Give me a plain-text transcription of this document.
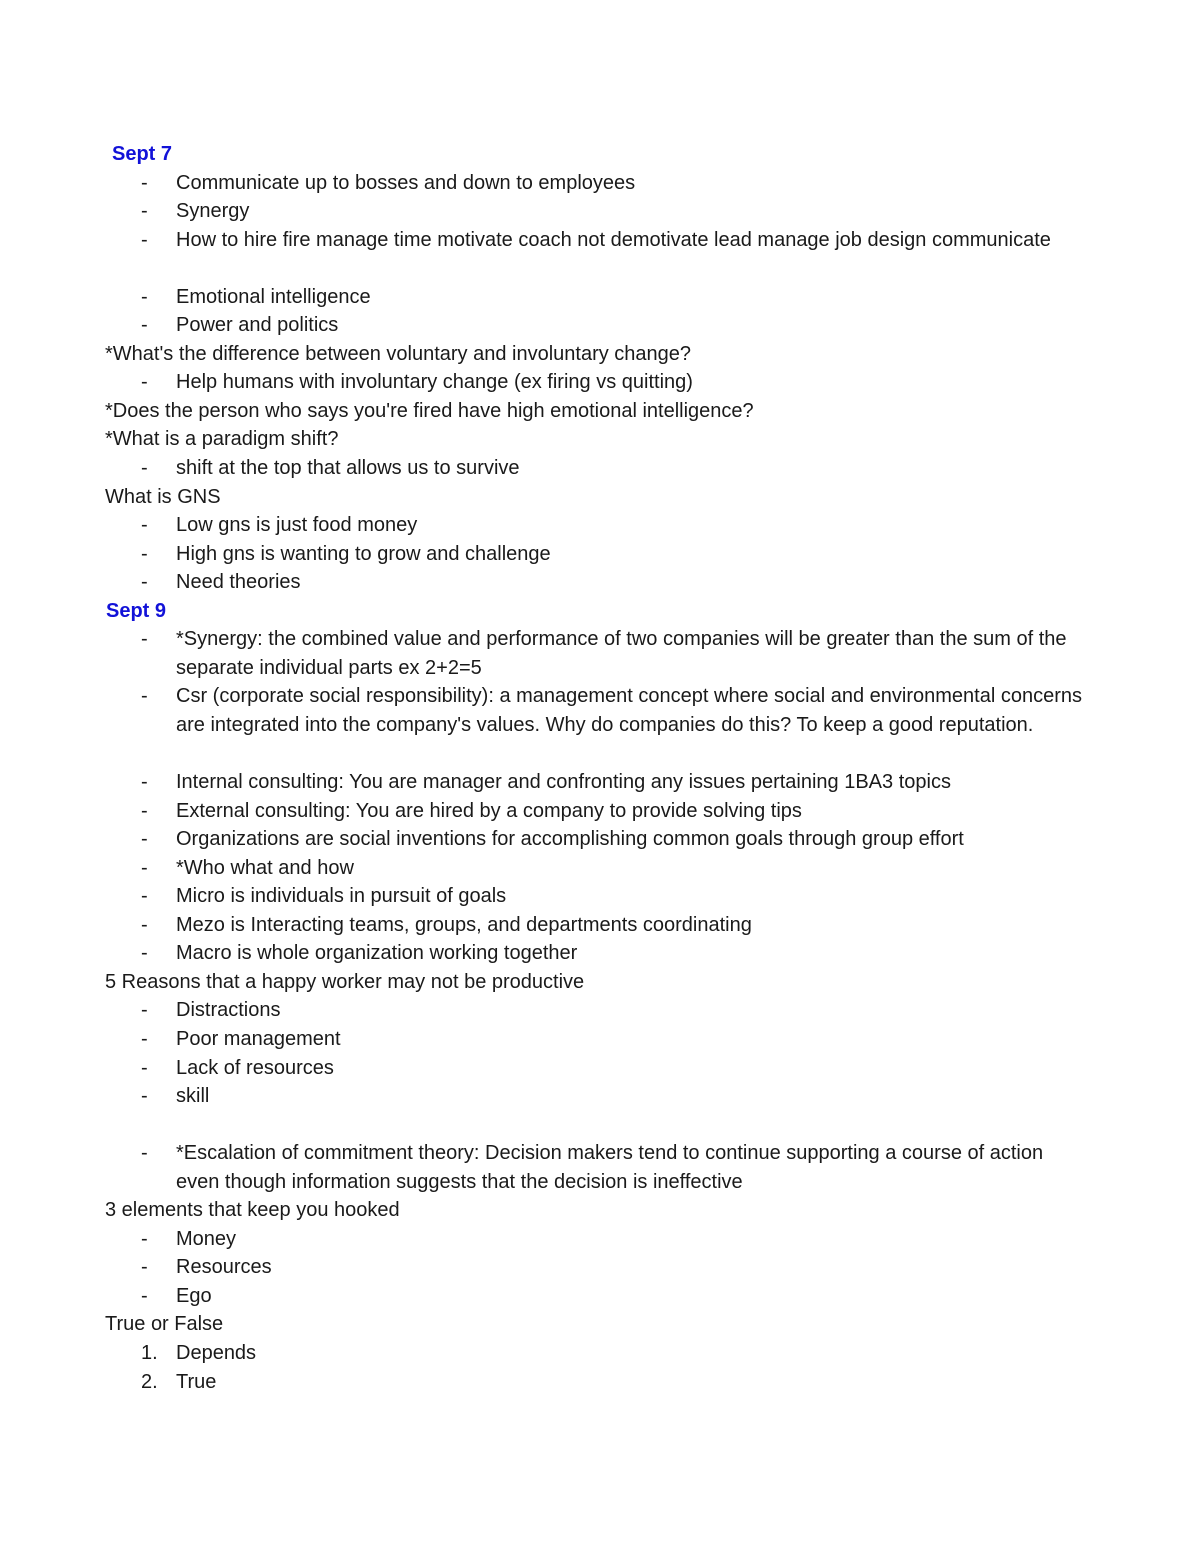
Sept 7
- Communicate up to bosses and down to employees
- Synergy
- How to hire fire manage time motivate coach not demotivate lead manage job design communicate
- Emotional intelligence
- Power and politics
*What's the difference between voluntary and involuntary change?
- Help humans with involuntary change (ex firing vs quitting)
*Does the person who says you're fired have high emotional intelligence?
*What is a paradigm shift?
- shift at the top that allows us to survive
What is GNS
- Low gns is just food money
- High gns is wanting to grow and challenge
- Need theories
Sept 9
- *Synergy: the combined value and performance of two companies will be greater than the sum of the separate individual parts ex 2+2=5
- Csr (corporate social responsibility): a management concept where social and environmental concerns are integrated into the company's values. Why do companies do this? To keep a good reputation.
- Internal consulting: You are manager and confronting any issues pertaining 1BA3 topics
- External consulting: You are hired by a company to provide solving tips
- Organizations are social inventions for accomplishing common goals through group effort
- *Who what and how
- Micro is individuals in pursuit of goals
- Mezo is Interacting teams, groups, and departments coordinating
- Macro is whole organization working together
5 Reasons that a happy worker may not be productive
- Distractions
- Poor management
- Lack of resources
- skill
- *Escalation of commitment theory: Decision makers tend to continue supporting a course of action even though information suggests that the decision is ineffective
3 elements that keep you hooked
- Money
- Resources
- Ego
True or False
1. Depends
2. True
